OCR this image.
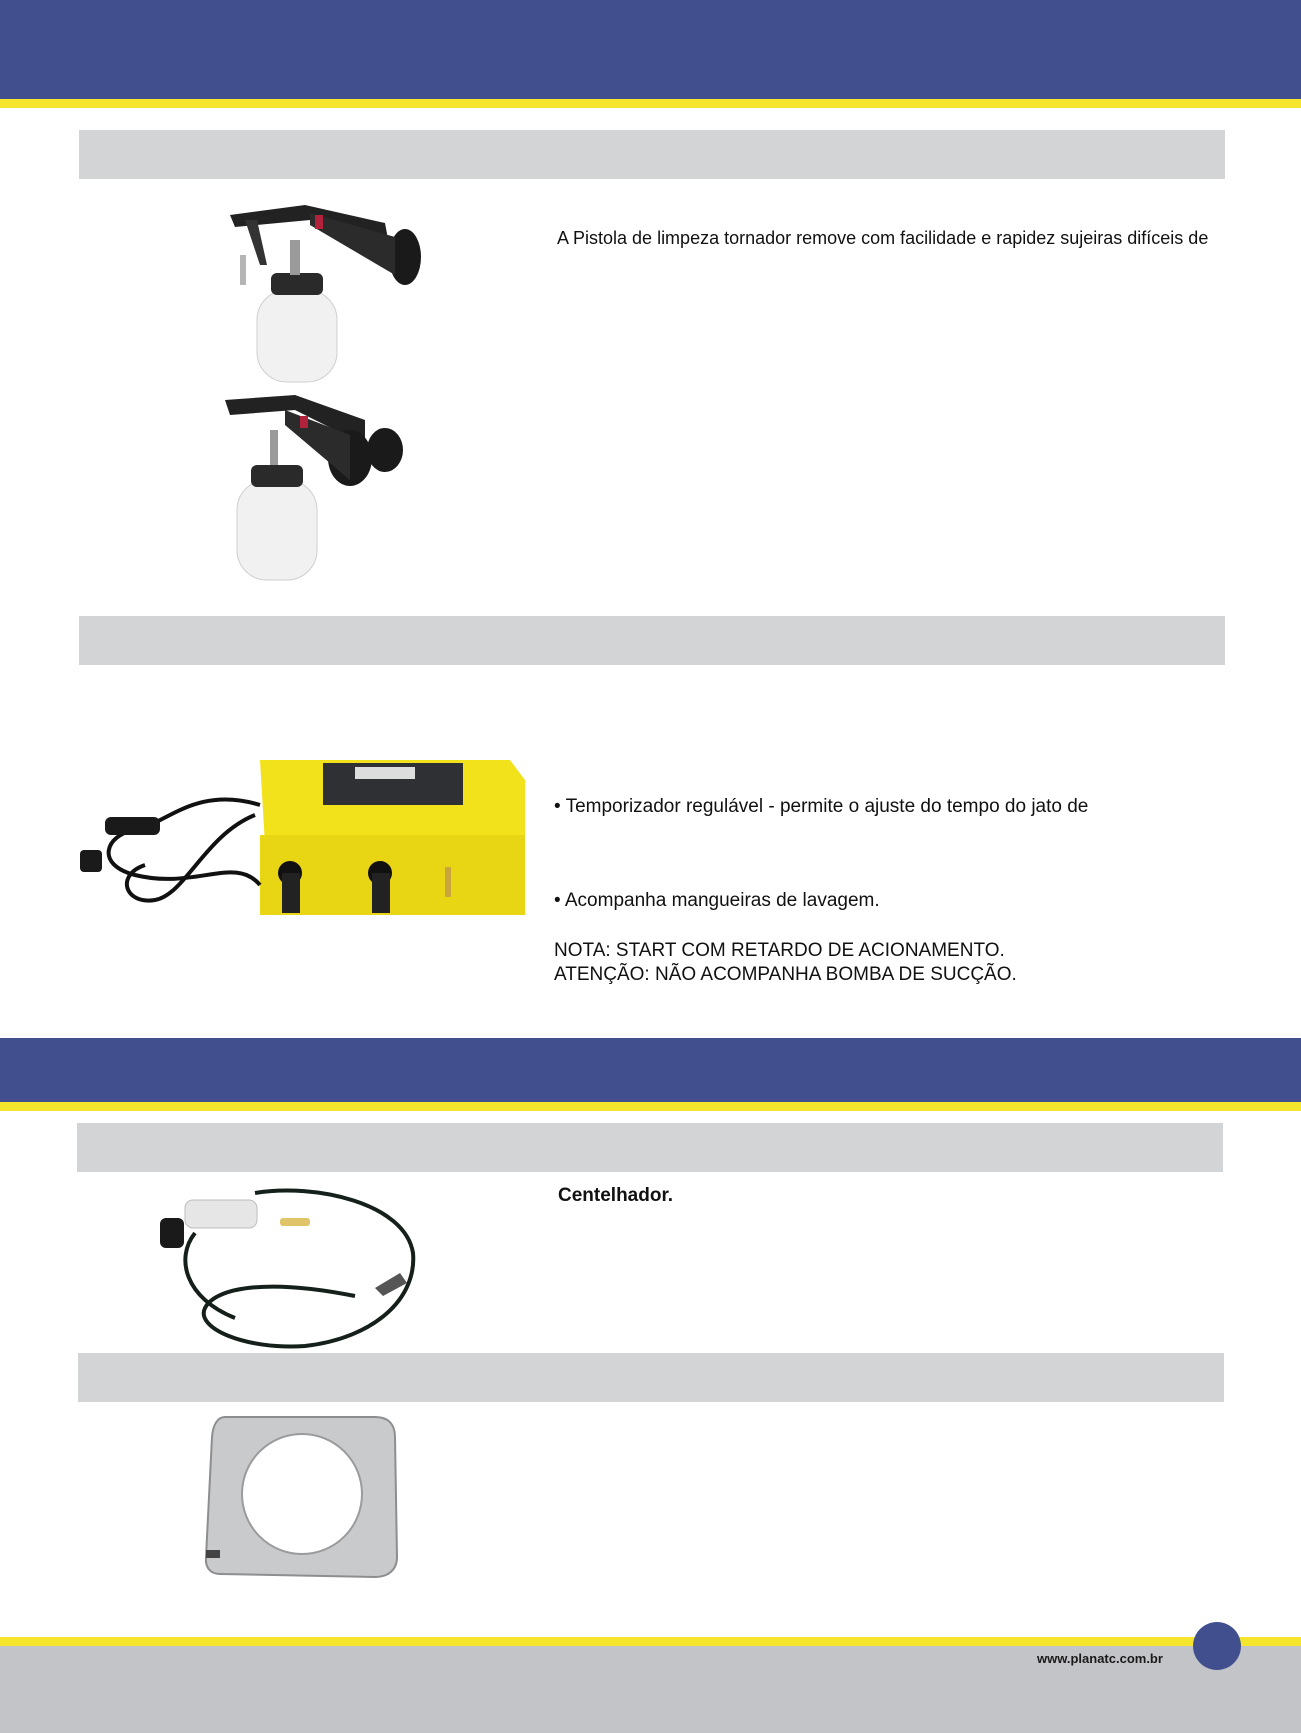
A Pistola de limpeza tornador remove com facilidade e rapidez sujeiras difíceis de
• Temporizador regulável - permite o ajuste do tempo do jato de
• Acompanha mangueiras de lavagem.
NOTA: START COM RETARDO DE ACIONAMENTO.
ATENÇÃO: NÃO ACOMPANHA BOMBA DE SUCÇÃO.
Centelhador.
www.planatc.com.br
